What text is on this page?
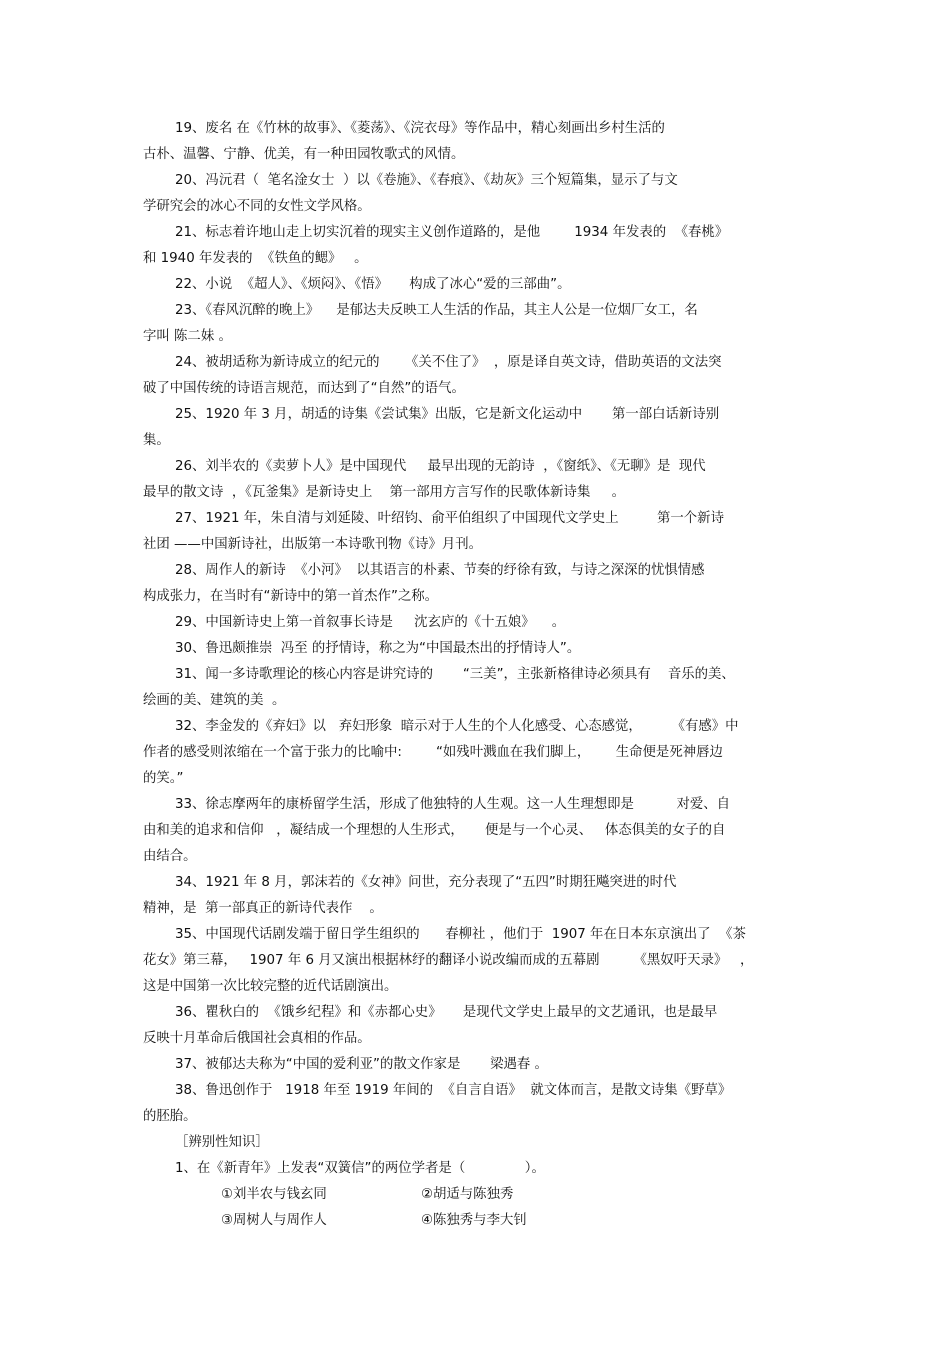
19、废名 在《竹林的故事》、《菱荡》、《浣衣母》等作品中，精心刻画出乡村生活的
古朴、温馨、宁静、优美，有一种田园牧歌式的风情。
20、冯沅君（  笔名淦女士  ）以《卷施》、《春痕》、《劫灰》三个短篇集，显示了与文
学研究会的冰心不同的女性文学风格。
21、标志着许地山走上切实沉着的现实主义创作道路的，是他        1934 年发表的  《春桃》
和 1940 年发表的  《铁鱼的鳃》   。
22、小说  《超人》、《烦闷》、《悟》     构成了冰心“爱的三部曲”。
23、《春风沉醉的晚上》    是郁达夫反映工人生活的作品，其主人公是一位烟厂女工，名
字叫 陈二妹 。
24、被胡适称为新诗成立的纪元的      《关不住了》  ，原是译自英文诗，借助英语的文法突
破了中国传统的诗语言规范，而达到了“自然”的语气。
25、1920 年 3 月，胡适的诗集《尝试集》出版，它是新文化运动中       第一部白话新诗别
集。
26、刘半农的《卖萝卜人》是中国现代     最早出现的无韵诗  ，《窗纸》、《无聊》是  现代
最早的散文诗  ，《瓦釜集》是新诗史上    第一部用方言写作的民歌体新诗集     。
27、1921 年，朱自清与刘延陵、叶绍钧、俞平伯组织了中国现代文学史上         第一个新诗
社团 ——中国新诗社，出版第一本诗歌刊物《诗》月刊。
28、周作人的新诗  《小河》  以其语言的朴素、节奏的纾徐有致，与诗之深深的忧惧情感
构成张力，在当时有“新诗中的第一首杰作”之称。
29、中国新诗史上第一首叙事长诗是     沈玄庐的《十五娘》    。
30、鲁迅颇推崇  冯至 的抒情诗，称之为“中国最杰出的抒情诗人”。
31、闻一多诗歌理论的核心内容是讲究诗的       “三美”，主张新格律诗必须具有    音乐的美、
绘画的美、建筑的美  。
32、李金发的《弃妇》以   弃妇形象  暗示对于人生的个人化感受、心态感觉，       《有感》中
作者的感受则浓缩在一个富于张力的比喻中:        “如残叶溅血在我们脚上，      生命便是死神唇边
的笑。”
33、徐志摩两年的康桥留学生活，形成了他独特的人生观。这一人生理想即是          对爱、自
由和美的追求和信仰   ，凝结成一个理想的人生形式，     便是与一个心灵、   体态俱美的女子的自
由结合。
34、1921 年 8 月，郭沫若的《女神》问世，充分表现了“五四”时期狂飚突进的时代
精神，是  第一部真正的新诗代表作    。
35、中国现代话剧发端于留日学生组织的      春柳社 ，他们于  1907 年在日本东京演出了  《茶
花女》第三幕，   1907 年 6 月又演出根据林纾的翻译小说改编而成的五幕剧        《黑奴吁天录》   ，
这是中国第一次比较完整的近代话剧演出。
36、瞿秋白的  《饿乡纪程》和《赤都心史》     是现代文学史上最早的文艺通讯，也是最早
反映十月革命后俄国社会真相的作品。
37、被郁达夫称为“中国的爱利亚”的散文作家是       梁遇春 。
38、鲁迅创作于   1918 年至 1919 年间的  《自言自语》  就文体而言，是散文诗集《野草》
的胚胎。
［辨别性知识］
1、在《新青年》上发表“双簧信”的两位学者是（              ）。
①刘半农与钱玄同	②胡适与陈独秀
③周树人与周作人	④陈独秀与李大钊
